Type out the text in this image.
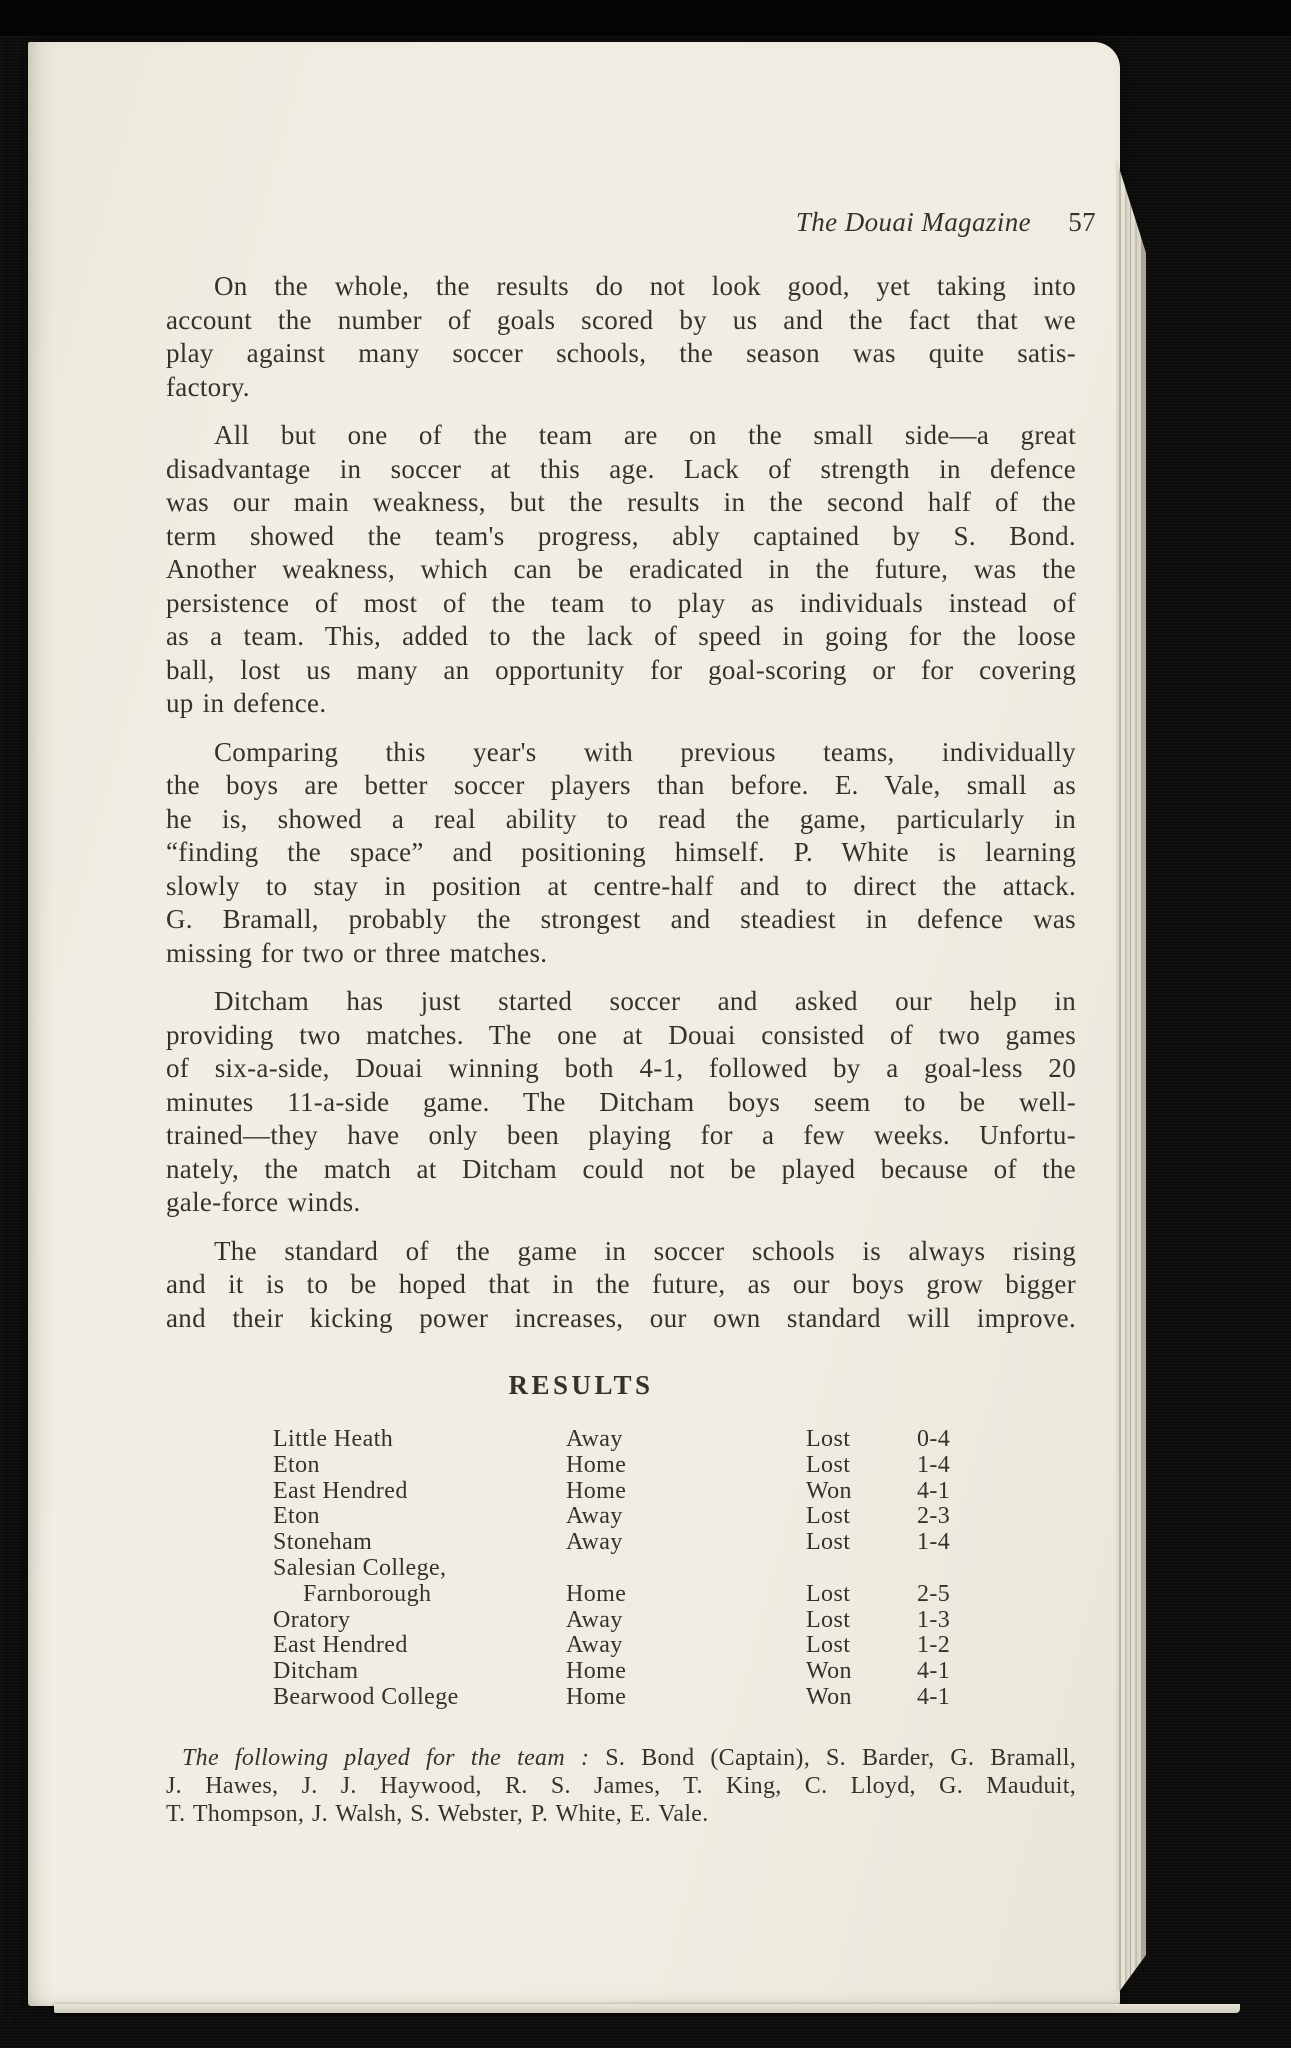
The Douai Magazine 57
On the whole, the results do not look good, yet taking into
account the number of goals scored by us and the fact that we
play against many soccer schools, the season was quite satis-
factory.
All but one of the team are on the small side—a great
disadvantage in soccer at this age. Lack of strength in defence
was our main weakness, but the results in the second half of the
term showed the team's progress, ably captained by S. Bond.
Another weakness, which can be eradicated in the future, was the
persistence of most of the team to play as individuals instead of
as a team. This, added to the lack of speed in going for the loose
ball, lost us many an opportunity for goal-scoring or for covering
up in defence.
Comparing this year's with previous teams, individually
the boys are better soccer players than before. E. Vale, small as
he is, showed a real ability to read the game, particularly in
“finding the space” and positioning himself. P. White is learning
slowly to stay in position at centre-half and to direct the attack.
G. Bramall, probably the strongest and steadiest in defence was
missing for two or three matches.
Ditcham has just started soccer and asked our help in
providing two matches. The one at Douai consisted of two games
of six-a-side, Douai winning both 4-1, followed by a goal-less 20
minutes 11-a-side game. The Ditcham boys seem to be well-
trained—they have only been playing for a few weeks. Unfortu-
nately, the match at Ditcham could not be played because of the
gale-force winds.
The standard of the game in soccer schools is always rising
and it is to be hoped that in the future, as our boys grow bigger
and their kicking power increases, our own standard will improve.
RESULTS
Little Heath	Away	Lost	0-4
Eton	Home	Lost	1-4
East Hendred	Home	Won	4-1
Eton	Away	Lost	2-3
Stoneham	Away	Lost	1-4
Salesian College,
Farnborough	Home	Lost	2-5
Oratory	Away	Lost	1-3
East Hendred	Away	Lost	1-2
Ditcham	Home	Won	4-1
Bearwood College	Home	Won	4-1
The following played for the team : S. Bond (Captain), S. Barder, G. Bramall,
J. Hawes, J. J. Haywood, R. S. James, T. King, C. Lloyd, G. Mauduit,
T. Thompson, J. Walsh, S. Webster, P. White, E. Vale.
